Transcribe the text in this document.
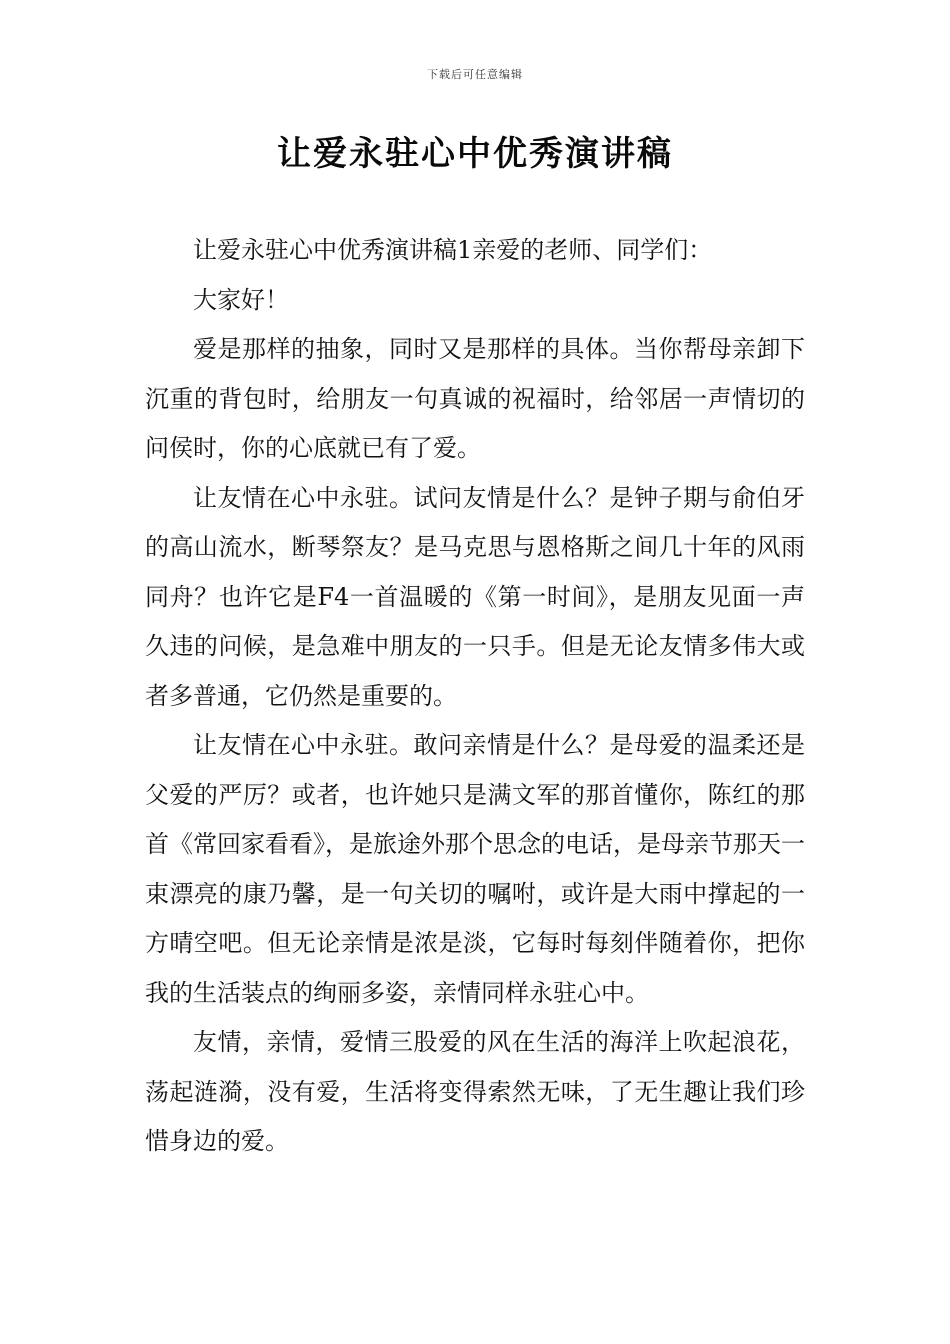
下载后可任意编辑
让爱永驻心中优秀演讲稿

让爱永驻心中优秀演讲稿1亲爱的老师、同学们：

大家好！

爱是那样的抽象，同时又是那样的具体。当你帮母亲卸下沉重的背包时，给朋友一句真诚的祝福时，给邻居一声情切的问侯时，你的心底就已有了爱。

让友情在心中永驻。试问友情是什么？是钟子期与俞伯牙的高山流水，断琴祭友？是马克思与恩格斯之间几十年的风雨同舟？也许它是F4一首温暖的《第一时间》，是朋友见面一声久违的问候，是急难中朋友的一只手。但是无论友情多伟大或者多普通，它仍然是重要的。

让友情在心中永驻。敢问亲情是什么？是母爱的温柔还是父爱的严厉？或者，也许她只是满文军的那首懂你，陈红的那首《常回家看看》，是旅途外那个思念的电话，是母亲节那天一束漂亮的康乃馨，是一句关切的嘱咐，或许是大雨中撑起的一方晴空吧。但无论亲情是浓是淡，它每时每刻伴随着你，把你我的生活装点的绚丽多姿，亲情同样永驻心中。

友情，亲情，爱情三股爱的风在生活的海洋上吹起浪花，荡起涟漪，没有爱，生活将变得索然无味，了无生趣让我们珍惜身边的爱。
